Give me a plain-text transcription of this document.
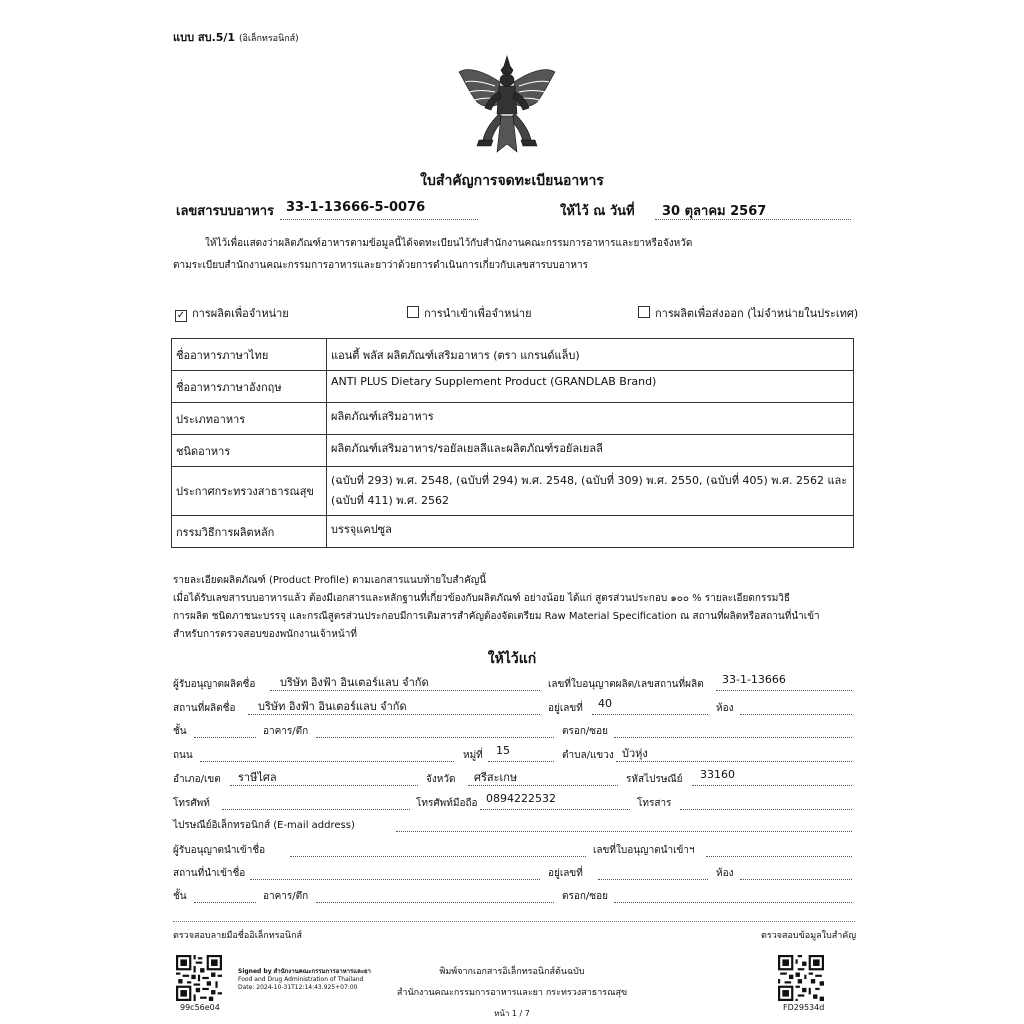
แบบ สบ.5/1 (อิเล็กทรอนิกส์)
ใบสำคัญการจดทะเบียนอาหาร
เลขสารบบอาหาร 33-1-13666-5-0076	ให้ไว้ ณ วันที่ 30 ตุลาคม 2567
ให้ไว้เพื่อแสดงว่าผลิตภัณฑ์อาหารตามข้อมูลนี้ได้จดทะเบียนไว้กับสำนักงานคณะกรรมการอาหารและยาหรือจังหวัด
ตามระเบียบสำนักงานคณะกรรมการอาหารและยาว่าด้วยการดำเนินการเกี่ยวกับเลขสารบบอาหาร
✓ การผลิตเพื่อจำหน่าย	การนำเข้าเพื่อจำหน่าย	การผลิตเพื่อส่งออก (ไม่จำหน่ายในประเทศ)
ชื่ออาหารภาษาไทย	แอนตี้ พลัส ผลิตภัณฑ์เสริมอาหาร (ตรา แกรนด์แล็บ)
ชื่ออาหารภาษาอังกฤษ	ANTI PLUS Dietary Supplement Product (GRANDLAB Brand)
ประเภทอาหาร	ผลิตภัณฑ์เสริมอาหาร
ชนิดอาหาร	ผลิตภัณฑ์เสริมอาหาร/รอยัลเยลลีและผลิตภัณฑ์รอยัลเยลลี
ประกาศกระทรวงสาธารณสุข	(ฉบับที่ 293) พ.ศ. 2548, (ฉบับที่ 294) พ.ศ. 2548, (ฉบับที่ 309) พ.ศ. 2550, (ฉบับที่ 405) พ.ศ. 2562 และ (ฉบับที่ 411) พ.ศ. 2562
กรรมวิธีการผลิตหลัก	บรรจุแคปซูล
รายละเอียดผลิตภัณฑ์ (Product Profile) ตามเอกสารแนบท้ายใบสำคัญนี้
เมื่อได้รับเลขสารบบอาหารแล้ว ต้องมีเอกสารและหลักฐานที่เกี่ยวข้องกับผลิตภัณฑ์ อย่างน้อย ได้แก่ สูตรส่วนประกอบ ๑๐๐ % รายละเอียดกรรมวิธี
การผลิต ชนิดภาชนะบรรจุ และกรณีสูตรส่วนประกอบมีการเติมสารสำคัญต้องจัดเตรียม Raw Material Specification ณ สถานที่ผลิตหรือสถานที่นำเข้า
สำหรับการตรวจสอบของพนักงานเจ้าหน้าที่
ให้ไว้แก่
ผู้รับอนุญาตผลิตชื่อ บริษัท อิงฟ้า อินเตอร์แลบ จำกัด	เลขที่ใบอนุญาตผลิต/เลขสถานที่ผลิต 33-1-13666
สถานที่ผลิตชื่อ บริษัท อิงฟ้า อินเตอร์แลบ จำกัด	อยู่เลขที่ 40	ห้อง
ชั้น	อาคาร/ตึก	ตรอก/ซอย
ถนน	หมู่ที่ 15	ตำบล/แขวง บัวหุ่ง
อำเภอ/เขต ราษีไศล	จังหวัด ศรีสะเกษ	รหัสไปรษณีย์ 33160
โทรศัพท์	โทรศัพท์มือถือ 0894222532	โทรสาร
ไปรษณีย์อิเล็กทรอนิกส์ (E-mail address)
ผู้รับอนุญาตนำเข้าชื่อ	เลขที่ใบอนุญาตนำเข้าฯ
สถานที่นำเข้าชื่อ	อยู่เลขที่	ห้อง
ชั้น	อาคาร/ตึก	ตรอก/ซอย
ตรวจสอบลายมือชื่ออิเล็กทรอนิกส์	ตรวจสอบข้อมูลใบสำคัญ
99c56e04
Signed by สำนักงานคณะกรรมการอาหารและยา
Food and Drug Administration of Thailand
Date: 2024-10-31T12:14:43.925+07:00
พิมพ์จากเอกสารอิเล็กทรอนิกส์ต้นฉบับ
สำนักงานคณะกรรมการอาหารและยา กระทรวงสาธารณสุข
หน้า 1 / 7
FD29534d
